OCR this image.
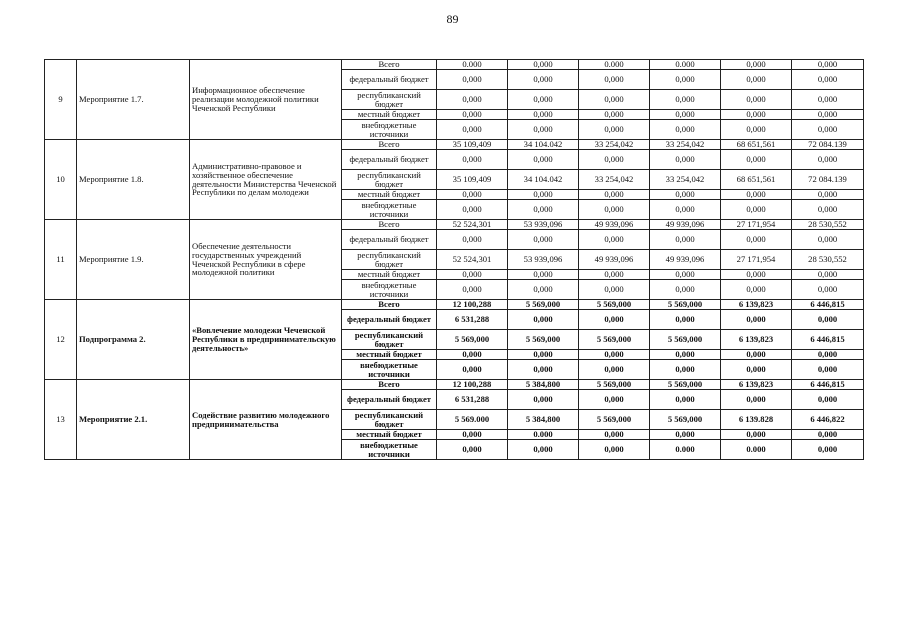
89
9	Мероприятие 1.7.	Информационное обеспечение реализации молодежной политики Чеченской Республики	Всего	0.000	0,000	0.000	0.000	0,000	0,000
			федеральный бюджет	0,000	0,000	0,000	0,000	0,000	0,000
			республиканский бюджет	0,000	0,000	0,000	0,000	0,000	0,000
			местный бюджет	0,000	0,000	0,000	0,000	0,000	0,000
			внебюджетные источники	0,000	0,000	0,000	0,000	0,000	0,000
10	Мероприятие 1.8.	Административно-правовое и хозяйственное обеспечение деятельности Министерства Чеченской Республики по делам молодежи	Всего	35 109,409	34 104.042	33 254,042	33 254,042	68 651,561	72 084.139
			федеральный бюджет	0,000	0,000	0,000	0,000	0,000	0,000
			республиканский бюджет	35 109,409	34 104.042	33 254,042	33 254,042	68 651,561	72 084.139
			местный бюджет	0,000	0,000	0,000	0,000	0,000	0,000
			внебюджетные источники	0,000	0,000	0,000	0,000	0,000	0,000
11	Мероприятие 1.9.	Обеспечение деятельности государственных учреждений Чеченской Республики в сфере молодежной политики	Всего	52 524,301	53 939,096	49 939,096	49 939,096	27 171,954	28 530,552
			федеральный бюджет	0,000	0,000	0,000	0,000	0,000	0,000
			республиканский бюджет	52 524,301	53 939,096	49 939,096	49 939,096	27 171,954	28 530,552
			местный бюджет	0,000	0,000	0,000	0,000	0,000	0,000
			внебюджетные источники	0,000	0,000	0,000	0,000	0,000	0,000
12	Подпрограмма 2.	«Вовлечение молодежи Чеченской Республики в предпринимательскую деятельность»	Всего	12 100,288	5 569,000	5 569,000	5 569,000	6 139,823	6 446,815
			федеральный бюджет	6 531,288	0,000	0,000	0,000	0,000	0,000
			республиканский бюджет	5 569,000	5 569,000	5 569,000	5 569,000	6 139,823	6 446,815
			местный бюджет	0,000	0,000	0,000	0,000	0,000	0,000
			внебюджетные источники	0,000	0,000	0,000	0,000	0,000	0,000
13	Мероприятие 2.1.	Содействие развитию молодежного предпринимательства	Всего	12 100,288	5 384,800	5 569,000	5 569,000	6 139,823	6 446,815
			федеральный бюджет	6 531,288	0,000	0,000	0,000	0,000	0,000
			республиканский бюджет	5 569.000	5 384,800	5 569,000	5 569,000	6 139.828	6 446,822
			местный бюджет	0,000	0.000	0,000	0,000	0,000	0,000
			внебюджетные источники	0,000	0,000	0,000	0.000	0.000	0,000
